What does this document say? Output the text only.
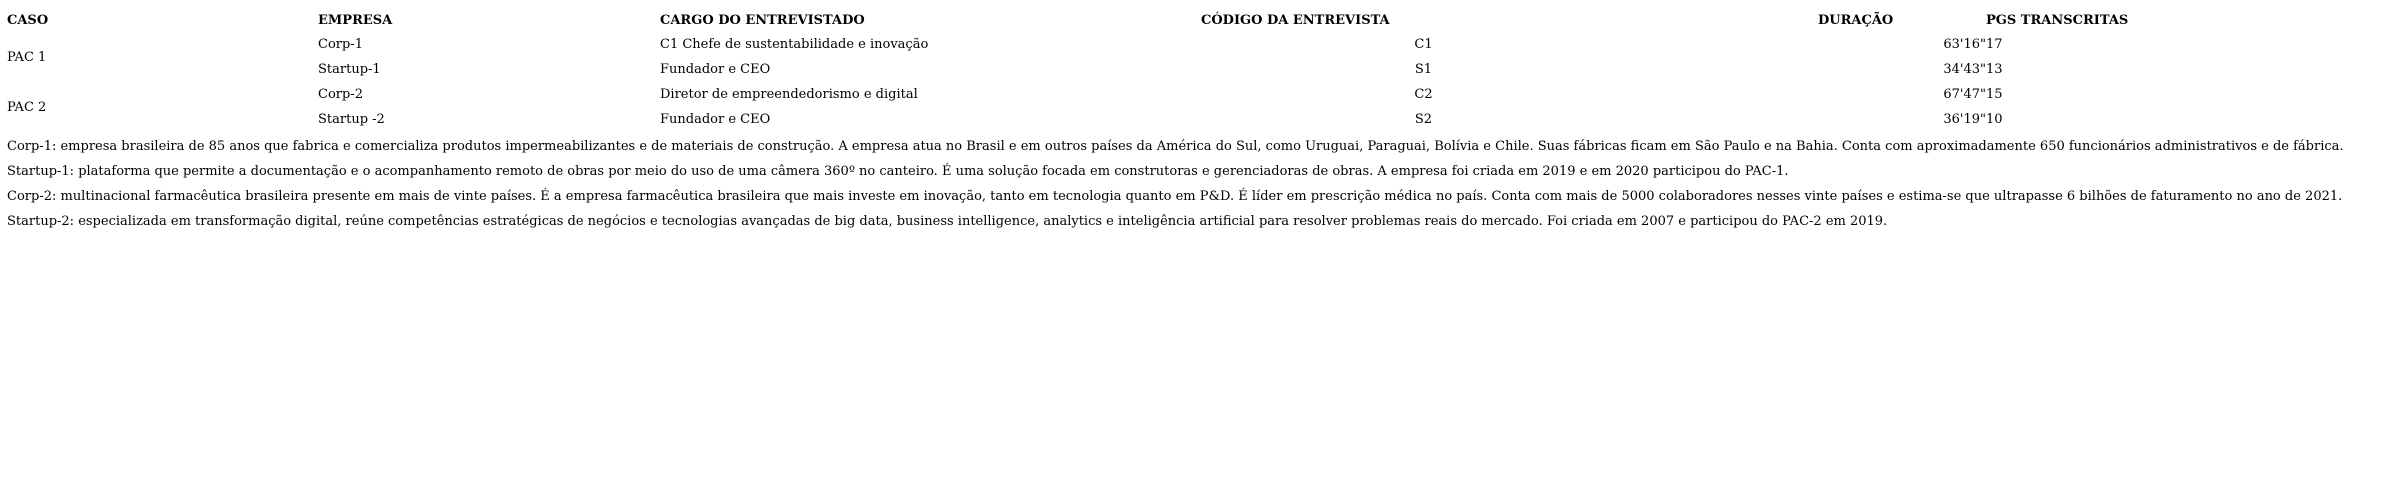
CASO	EMPRESA	CARGO DO ENTREVISTADO	CÓDIGO DA ENTREVISTA	DURAÇÃO	PGS TRANSCRITAS
PAC 1	Corp-1	C1 Chefe de sustentabilidade e inovação	C1	63'16"	17
	Startup-1	Fundador e CEO	S1	34'43"	13
PAC 2	Corp-2	Diretor de empreendedorismo e digital	C2	67'47"	15
	Startup -2	Fundador e CEO	S2	36'19"	10

Corp-1: empresa brasileira de 85 anos que fabrica e comercializa produtos impermeabilizantes e de materiais de construção. A empresa atua no Brasil e em outros países da América do Sul, como Uruguai, Paraguai, Bolívia e Chile. Suas fábricas ficam em São Paulo e na Bahia. Conta com aproximadamente 650 funcionários administrativos e de fábrica.

Startup-1: plataforma que permite a documentação e o acompanhamento remoto de obras por meio do uso de uma câmera 360º no canteiro. É uma solução focada em construtoras e gerenciadoras de obras. A empresa foi criada em 2019 e em 2020 participou do PAC-1.

Corp-2: multinacional farmacêutica brasileira presente em mais de vinte países. É a empresa farmacêutica brasileira que mais investe em inovação, tanto em tecnologia quanto em P&D. É líder em prescrição médica no país. Conta com mais de 5000 colaboradores nesses vinte países e estima-se que ultrapasse 6 bilhões de faturamento no ano de 2021.

Startup-2: especializada em transformação digital, reúne competências estratégicas de negócios e tecnologias avançadas de big data, business intelligence, analytics e inteligência artificial para resolver problemas reais do mercado. Foi criada em 2007 e participou do PAC-2 em 2019.
